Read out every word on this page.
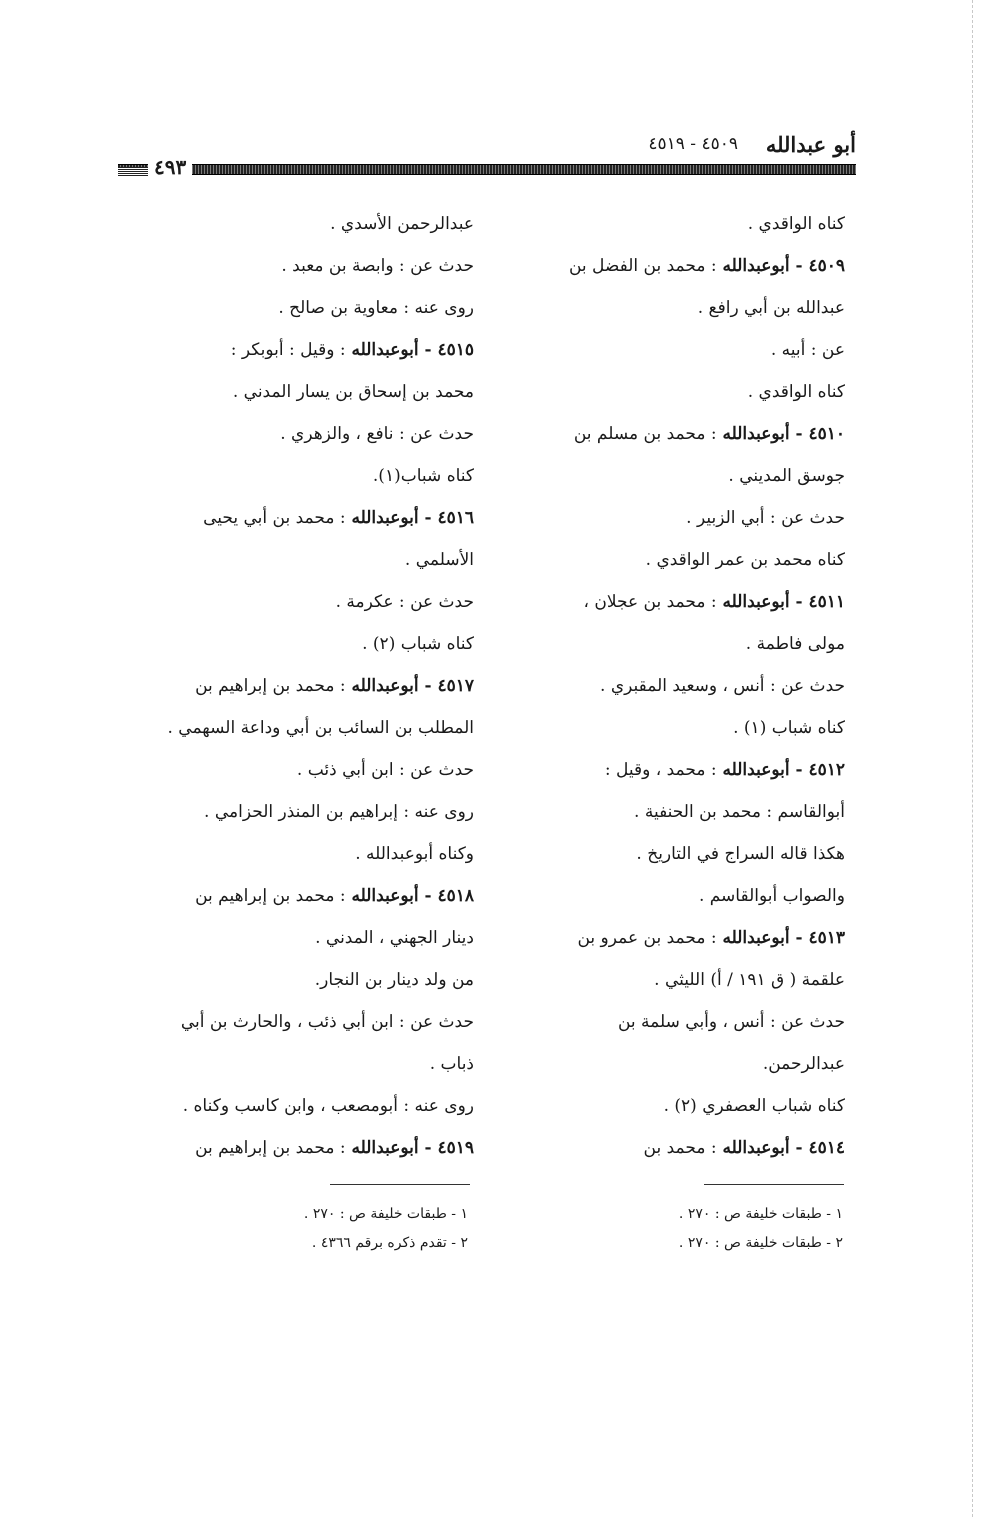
أبو عبدالله
٤٥٠٩ - ٤٥١٩
٤٩٣
كناه الواقدي .
٤٥٠٩ - أبوعبدالله : محمد بن الفضل بن
عبدالله بن أبي رافع .
عن : أبيه .
كناه الواقدي .
٤٥١٠ - أبوعبدالله : محمد بن مسلم بن
جوسق المديني .
حدث عن : أبي الزبير .
كناه محمد بن عمر الواقدي .
٤٥١١ - أبوعبدالله : محمد بن عجلان ،
مولى فاطمة .
حدث عن : أنس ، وسعيد المقبري .
كناه شباب (١) .
٤٥١٢ - أبوعبدالله : محمد ، وقيل :
أبوالقاسم : محمد بن الحنفية .
هكذا قاله السراج في التاريخ .
والصواب أبوالقاسم .
٤٥١٣ - أبوعبدالله : محمد بن عمرو بن
علقمة ( ق ١٩١ / أ) الليثي .
حدث عن : أنس ، وأبي سلمة بن
عبدالرحمن.
كناه شباب العصفري (٢) .
٤٥١٤ - أبوعبدالله : محمد بن
عبدالرحمن الأسدي .
حدث عن : وابصة بن معبد .
روى عنه : معاوية بن صالح .
٤٥١٥ - أبوعبدالله : وقيل : أبوبكر :
محمد بن إسحاق بن يسار المدني .
حدث عن : نافع ، والزهري .
كناه شباب(١).
٤٥١٦ - أبوعبدالله : محمد بن أبي يحيى
الأسلمي .
حدث عن : عكرمة .
كناه شباب (٢) .
٤٥١٧ - أبوعبدالله : محمد بن إبراهيم بن
المطلب بن السائب بن أبي وداعة السهمي .
حدث عن : ابن أبي ذئب .
روى عنه : إبراهيم بن المنذر الحزامي .
وكناه أبوعبدالله .
٤٥١٨ - أبوعبدالله : محمد بن إبراهيم بن
دينار الجهني ، المدني .
من ولد دينار بن النجار.
حدث عن : ابن أبي ذئب ، والحارث بن أبي
ذباب .
روى عنه : أبومصعب ، وابن كاسب وكناه .
٤٥١٩ - أبوعبدالله : محمد بن إبراهيم بن
١ - طبقات خليفة ص : ٢٧٠ .
٢ - طبقات خليفة ص : ٢٧٠ .
١ - طبقات خليفة ص : ٢٧٠ .
٢ - تقدم ذكره برقم ٤٣٦٦ .
